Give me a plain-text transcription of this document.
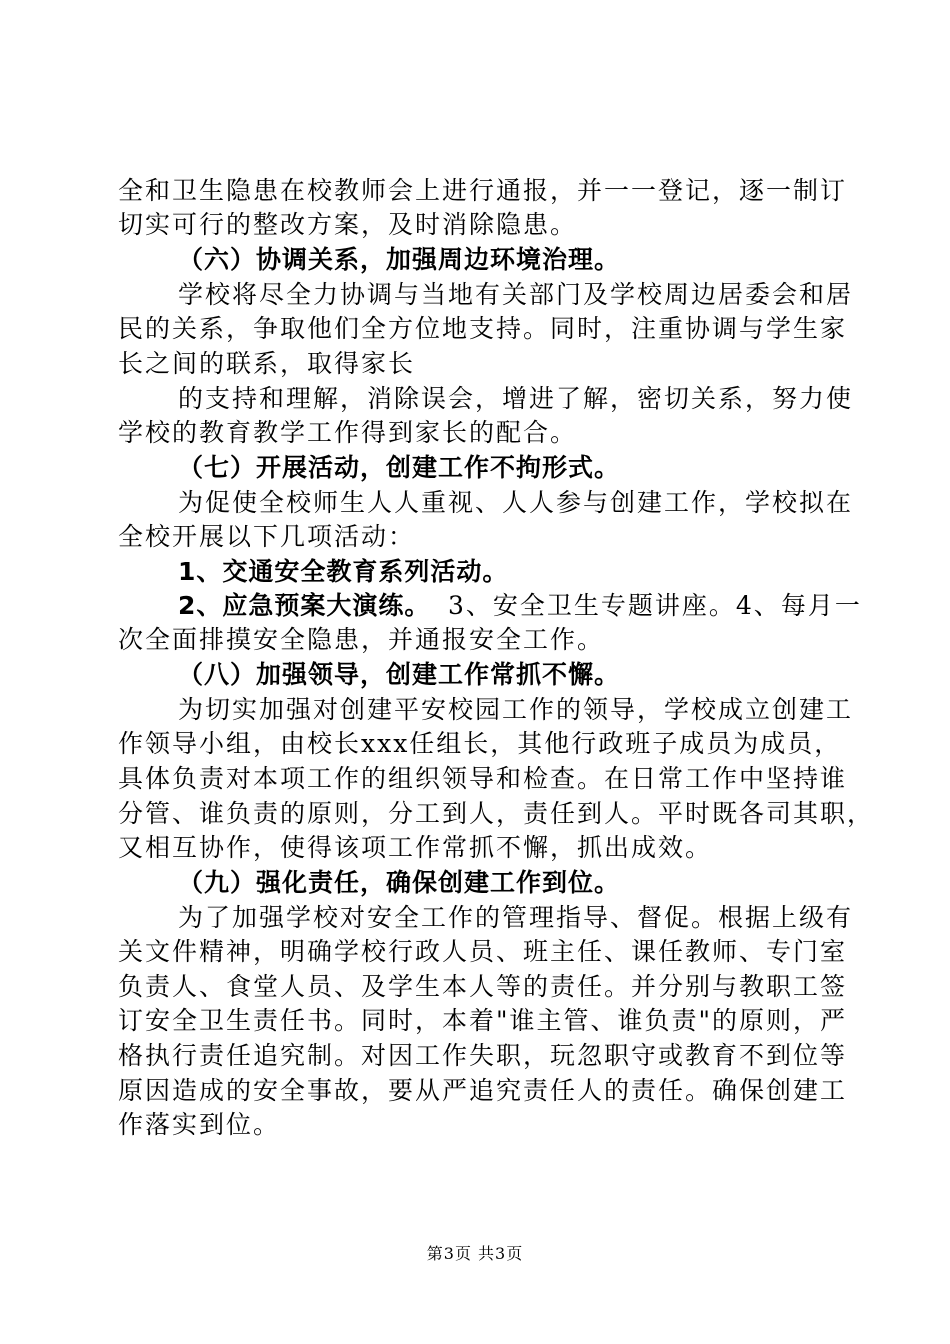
全和卫生隐患在校教师会上进行通报，并一一登记，逐一制订
切实可行的整改方案，及时消除隐患。
（六）协调关系，加强周边环境治理。
学校将尽全力协调与当地有关部门及学校周边居委会和居
民的关系，争取他们全方位地支持。同时，注重协调与学生家
长之间的联系，取得家长
的支持和理解，消除误会，增进了解，密切关系，努力使
学校的教育教学工作得到家长的配合。
（七）开展活动，创建工作不拘形式。
为促使全校师生人人重视、人人参与创建工作，学校拟在
全校开展以下几项活动：
1、交通安全教育系列活动。
2、应急预案大演练。 3、安全卫生专题讲座。4、每月一
次全面排摸安全隐患，并通报安全工作。
（八）加强领导，创建工作常抓不懈。
为切实加强对创建平安校园工作的领导，学校成立创建工
作领导小组，由校长xxx任组长，其他行政班子成员为成员，
具体负责对本项工作的组织领导和检查。在日常工作中坚持谁
分管、谁负责的原则，分工到人，责任到人。平时既各司其职，
又相互协作，使得该项工作常抓不懈，抓出成效。
（九）强化责任，确保创建工作到位。
为了加强学校对安全工作的管理指导、督促。根据上级有
关文件精神，明确学校行政人员、班主任、课任教师、专门室
负责人、食堂人员、及学生本人等的责任。并分别与教职工签
订安全卫生责任书。同时，本着"谁主管、谁负责"的原则，严
格执行责任追究制。对因工作失职，玩忽职守或教育不到位等
原因造成的安全事故，要从严追究责任人的责任。确保创建工
作落实到位。
第3页 共3页
